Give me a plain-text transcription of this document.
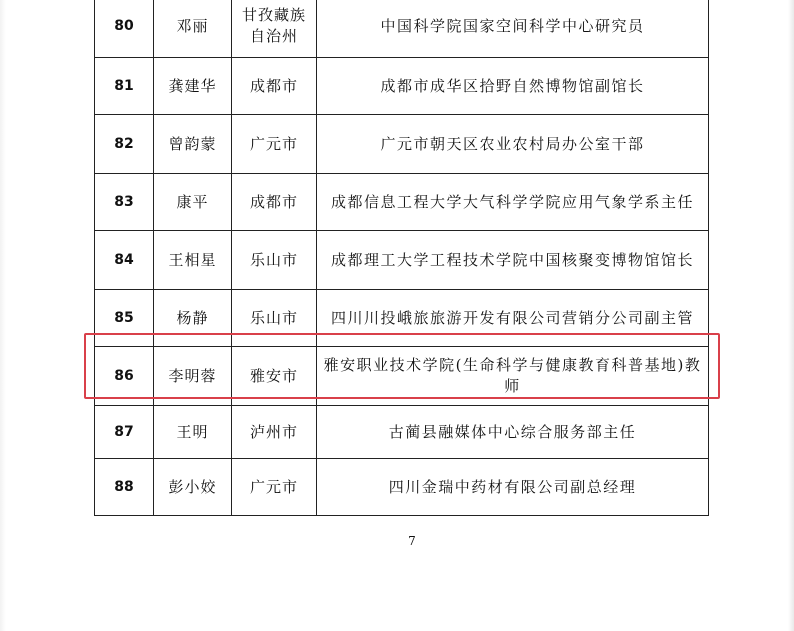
80	邓丽	甘孜藏族自治州	中国科学院国家空间科学中心研究员
81	龚建华	成都市	成都市成华区拾野自然博物馆副馆长
82	曾韵蒙	广元市	广元市朝天区农业农村局办公室干部
83	康平	成都市	成都信息工程大学大气科学学院应用气象学系主任
84	王相星	乐山市	成都理工大学工程技术学院中国核聚变博物馆馆长
85	杨静	乐山市	四川川投峨旅旅游开发有限公司营销分公司副主管
86	李明蓉	雅安市	雅安职业技术学院(生命科学与健康教育科普基地)教师
87	王明	泸州市	古蔺县融媒体中心综合服务部主任
88	彭小姣	广元市	四川金瑞中药材有限公司副总经理
7
